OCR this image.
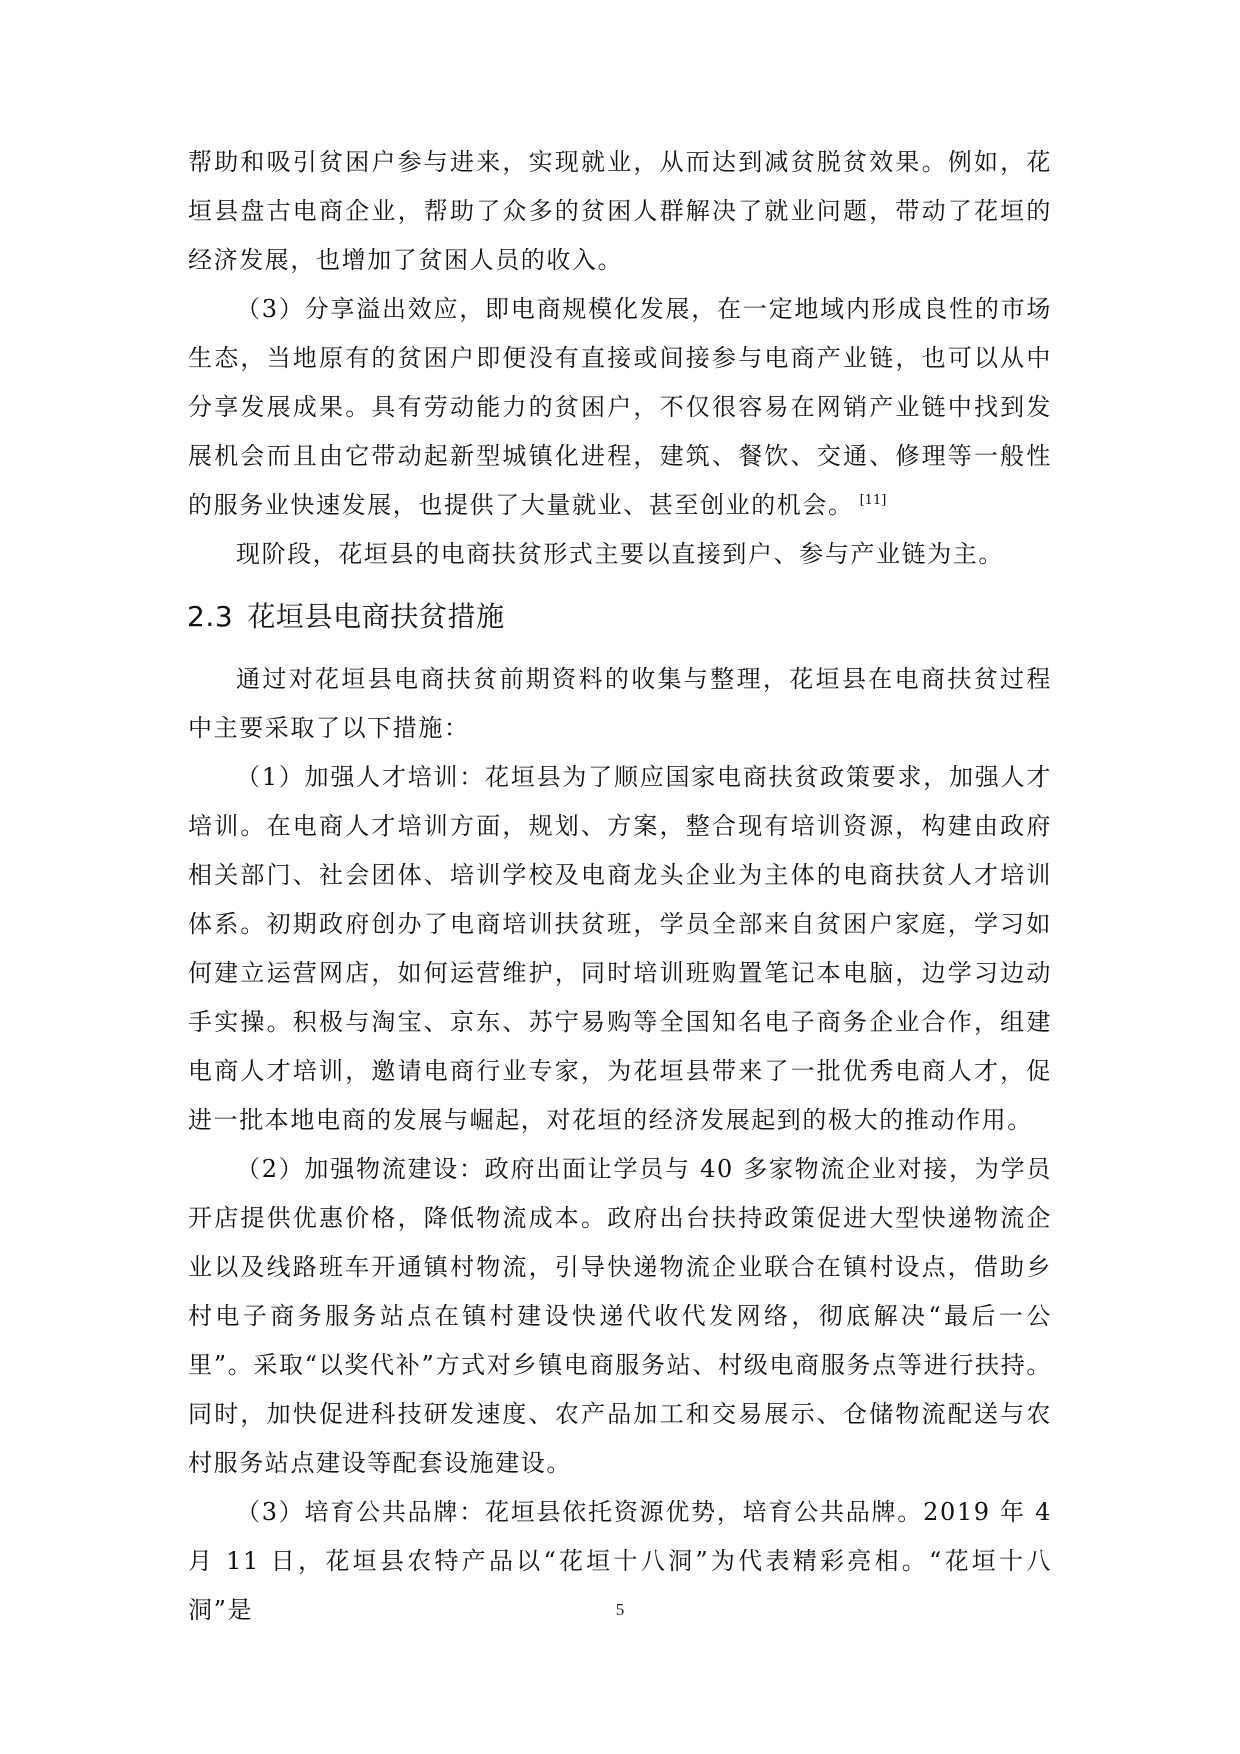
帮助和吸引贫困户参与进来，实现就业，从而达到减贫脱贫效果。例如，花垣县盘古电商企业，帮助了众多的贫困人群解决了就业问题，带动了花垣的经济发展，也增加了贫困人员的收入。

（3）分享溢出效应，即电商规模化发展，在一定地域内形成良性的市场生态，当地原有的贫困户即便没有直接或间接参与电商产业链，也可以从中分享发展成果。具有劳动能力的贫困户，不仅很容易在网销产业链中找到发展机会而且由它带动起新型城镇化进程，建筑、餐饮、交通、修理等一般性的服务业快速发展，也提供了大量就业、甚至创业的机会。 [11]

现阶段，花垣县的电商扶贫形式主要以直接到户、参与产业链为主。

2.3 花垣县电商扶贫措施

通过对花垣县电商扶贫前期资料的收集与整理，花垣县在电商扶贫过程中主要采取了以下措施：

（1）加强人才培训：花垣县为了顺应国家电商扶贫政策要求，加强人才培训。在电商人才培训方面，规划、方案，整合现有培训资源，构建由政府相关部门、社会团体、培训学校及电商龙头企业为主体的电商扶贫人才培训体系。初期政府创办了电商培训扶贫班，学员全部来自贫困户家庭，学习如何建立运营网店，如何运营维护，同时培训班购置笔记本电脑，边学习边动手实操。积极与淘宝、京东、苏宁易购等全国知名电子商务企业合作，组建电商人才培训，邀请电商行业专家，为花垣县带来了一批优秀电商人才，促进一批本地电商的发展与崛起，对花垣的经济发展起到的极大的推动作用。

（2）加强物流建设：政府出面让学员与 40 多家物流企业对接，为学员开店提供优惠价格，降低物流成本。政府出台扶持政策促进大型快递物流企业以及线路班车开通镇村物流，引导快递物流企业联合在镇村设点，借助乡村电子商务服务站点在镇村建设快递代收代发网络，彻底解决“最后一公里”。采取“以奖代补”方式对乡镇电商服务站、村级电商服务点等进行扶持。同时，加快促进科技研发速度、农产品加工和交易展示、仓储物流配送与农村服务站点建设等配套设施建设。

（3）培育公共品牌：花垣县依托资源优势，培育公共品牌。2019 年 4 月 11 日，花垣县农特产品以“花垣十八洞”为代表精彩亮相。“花垣十八洞”是	5
